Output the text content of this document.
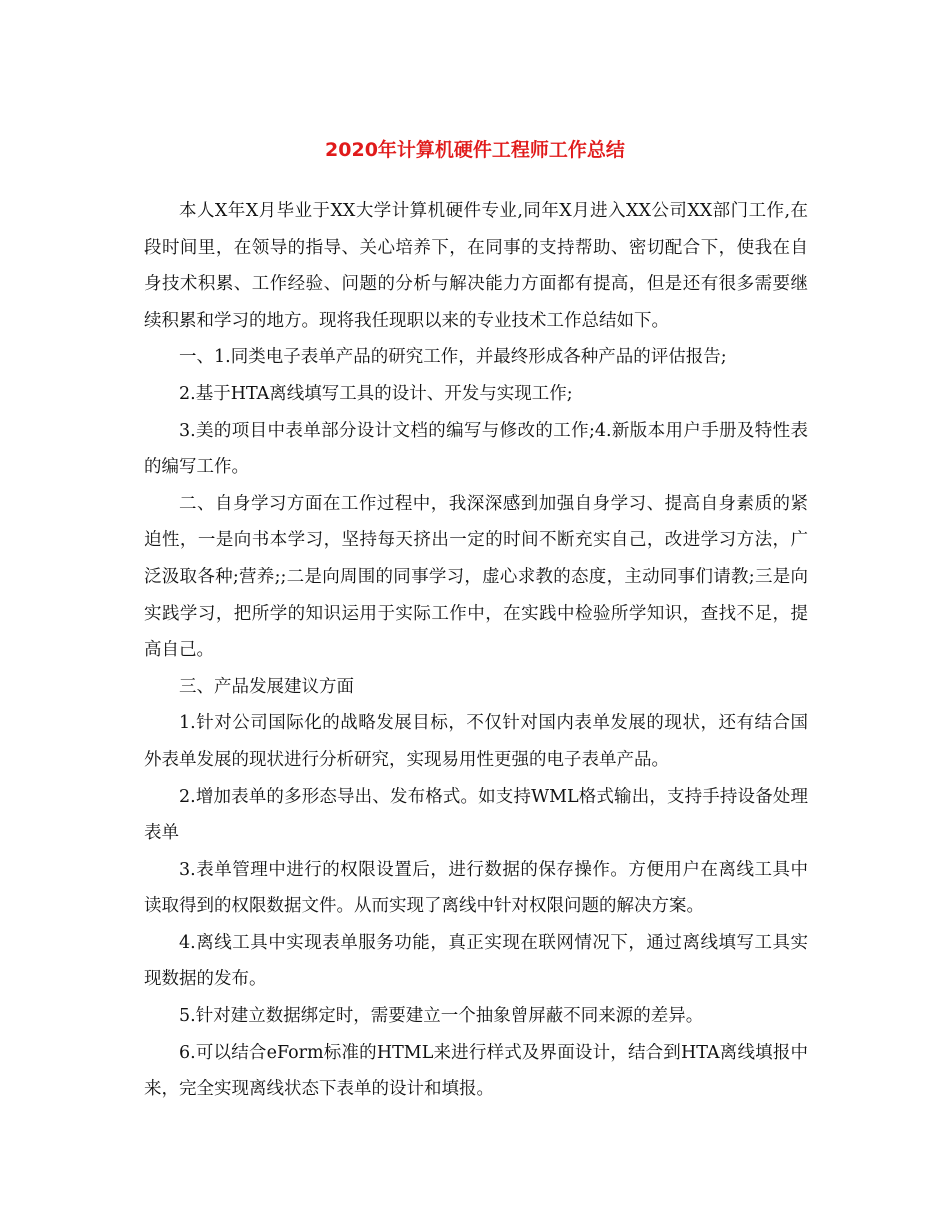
2020年计算机硬件工程师工作总结

本人X年X月毕业于XX大学计算机硬件专业,同年X月进入XX公司XX部门工作,在段时间里，在领导的指导、关心培养下，在同事的支持帮助、密切配合下，使我在自身技术积累、工作经验、问题的分析与解决能力方面都有提高，但是还有很多需要继续积累和学习的地方。现将我任现职以来的专业技术工作总结如下。

一、1.同类电子表单产品的研究工作，并最终形成各种产品的评估报告;

2.基于HTA离线填写工具的设计、开发与实现工作;

3.美的项目中表单部分设计文档的编写与修改的工作;4.新版本用户手册及特性表的编写工作。

二、自身学习方面在工作过程中，我深深感到加强自身学习、提高自身素质的紧迫性，一是向书本学习，坚持每天挤出一定的时间不断充实自己，改进学习方法，广泛汲取各种;营养;;二是向周围的同事学习，虚心求教的态度，主动同事们请教;三是向实践学习，把所学的知识运用于实际工作中，在实践中检验所学知识，查找不足，提高自己。

三、产品发展建议方面

1.针对公司国际化的战略发展目标，不仅针对国内表单发展的现状，还有结合国外表单发展的现状进行分析研究，实现易用性更强的电子表单产品。

2.增加表单的多形态导出、发布格式。如支持WML格式输出，支持手持设备处理表单

3.表单管理中进行的权限设置后，进行数据的保存操作。方便用户在离线工具中读取得到的权限数据文件。从而实现了离线中针对权限问题的解决方案。

4.离线工具中实现表单服务功能，真正实现在联网情况下，通过离线填写工具实现数据的发布。

5.针对建立数据绑定时，需要建立一个抽象曾屏蔽不同来源的差异。

6.可以结合eForm标准的HTML来进行样式及界面设计，结合到HTA离线填报中来，完全实现离线状态下表单的设计和填报。
